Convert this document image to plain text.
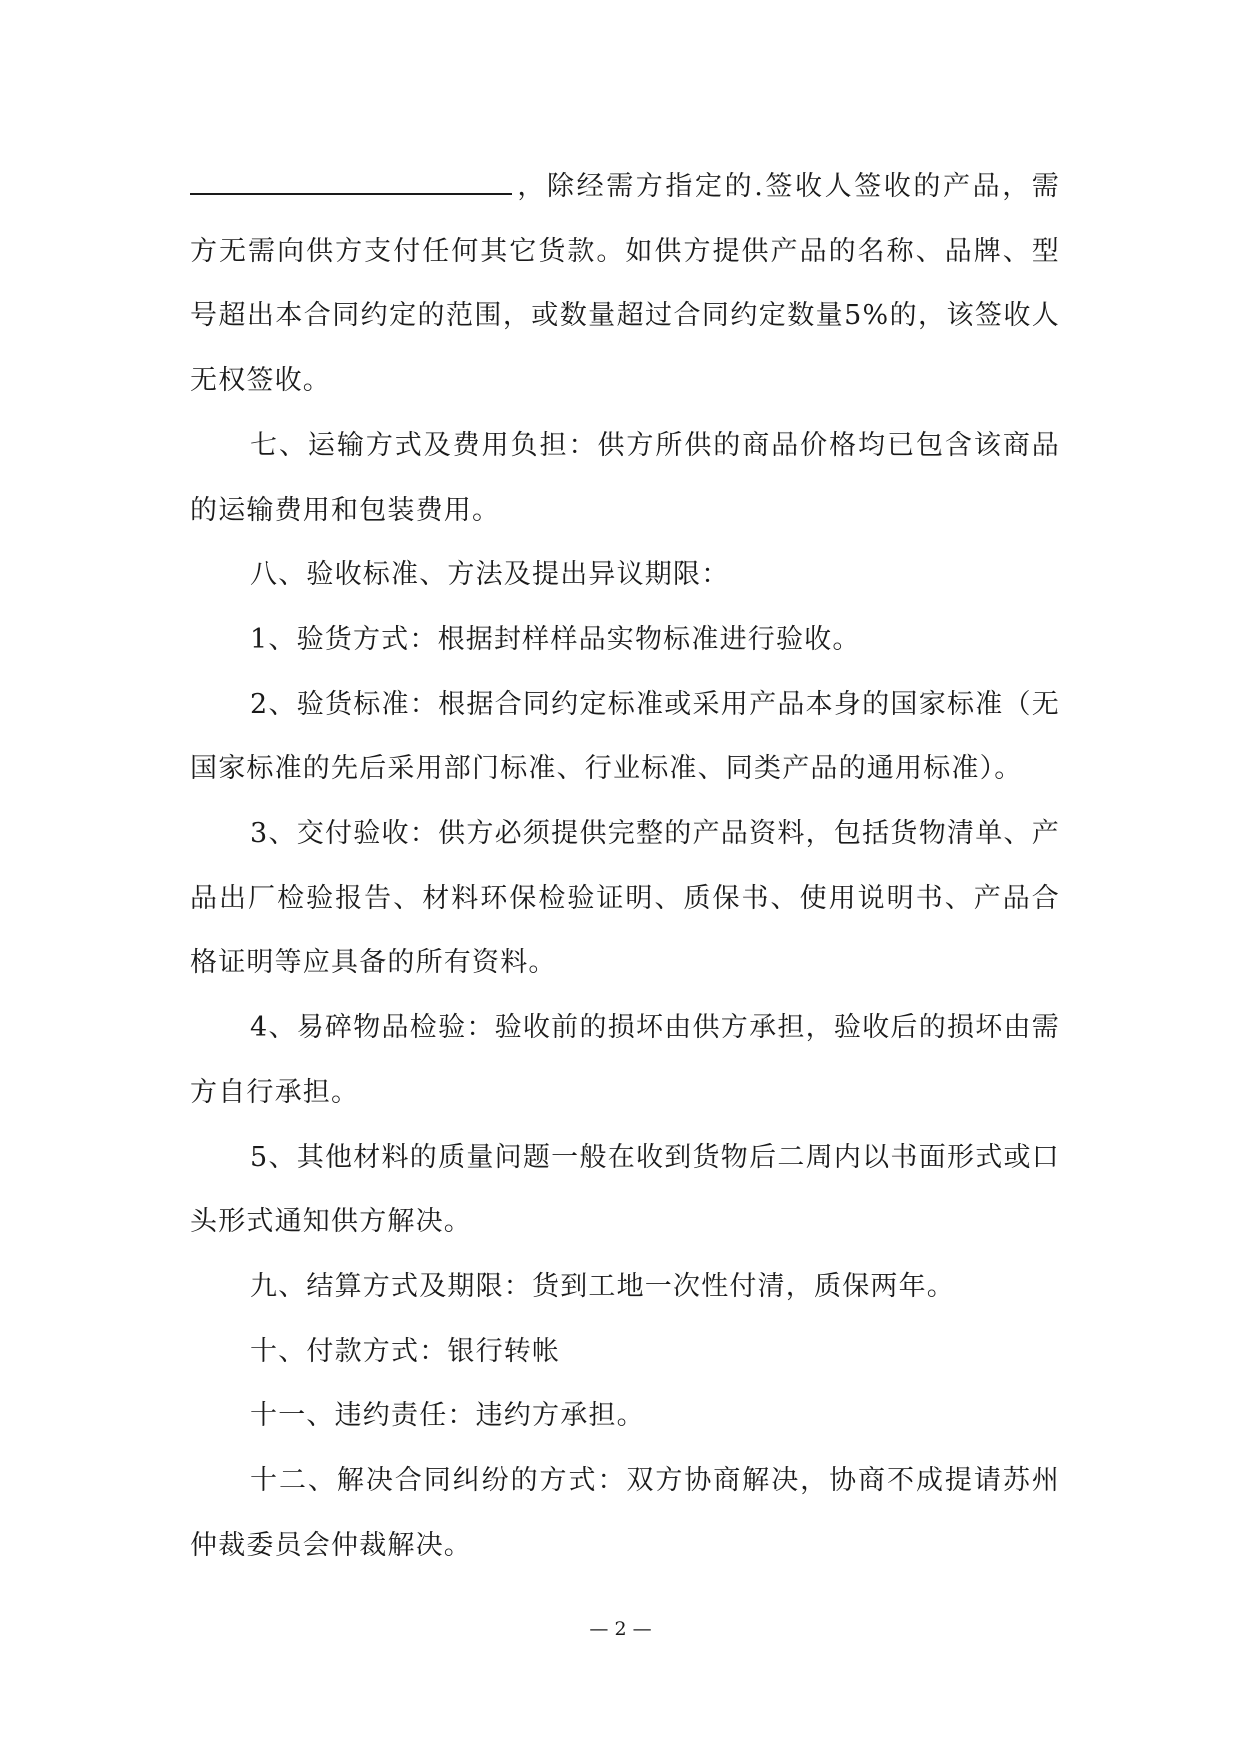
，除经需方指定的.签收人签收的产品，需方无需向供方支付任何其它货款。如供方提供产品的名称、品牌、型号超出本合同约定的范围，或数量超过合同约定数量5%的，该签收人无权签收。

七、运输方式及费用负担：供方所供的商品价格均已包含该商品的运输费用和包装费用。

八、验收标准、方法及提出异议期限：

1、验货方式：根据封样样品实物标准进行验收。

2、验货标准：根据合同约定标准或采用产品本身的国家标准（无国家标准的先后采用部门标准、行业标准、同类产品的通用标准）。

3、交付验收：供方必须提供完整的产品资料，包括货物清单、产品出厂检验报告、材料环保检验证明、质保书、使用说明书、产品合格证明等应具备的所有资料。

4、易碎物品检验：验收前的损坏由供方承担，验收后的损坏由需方自行承担。

5、其他材料的质量问题一般在收到货物后二周内以书面形式或口头形式通知供方解决。

九、结算方式及期限：货到工地一次性付清，质保两年。

十、付款方式：银行转帐

十一、违约责任：违约方承担。

十二、解决合同纠纷的方式：双方协商解决，协商不成提请苏州仲裁委员会仲裁解决。

— 2 —
